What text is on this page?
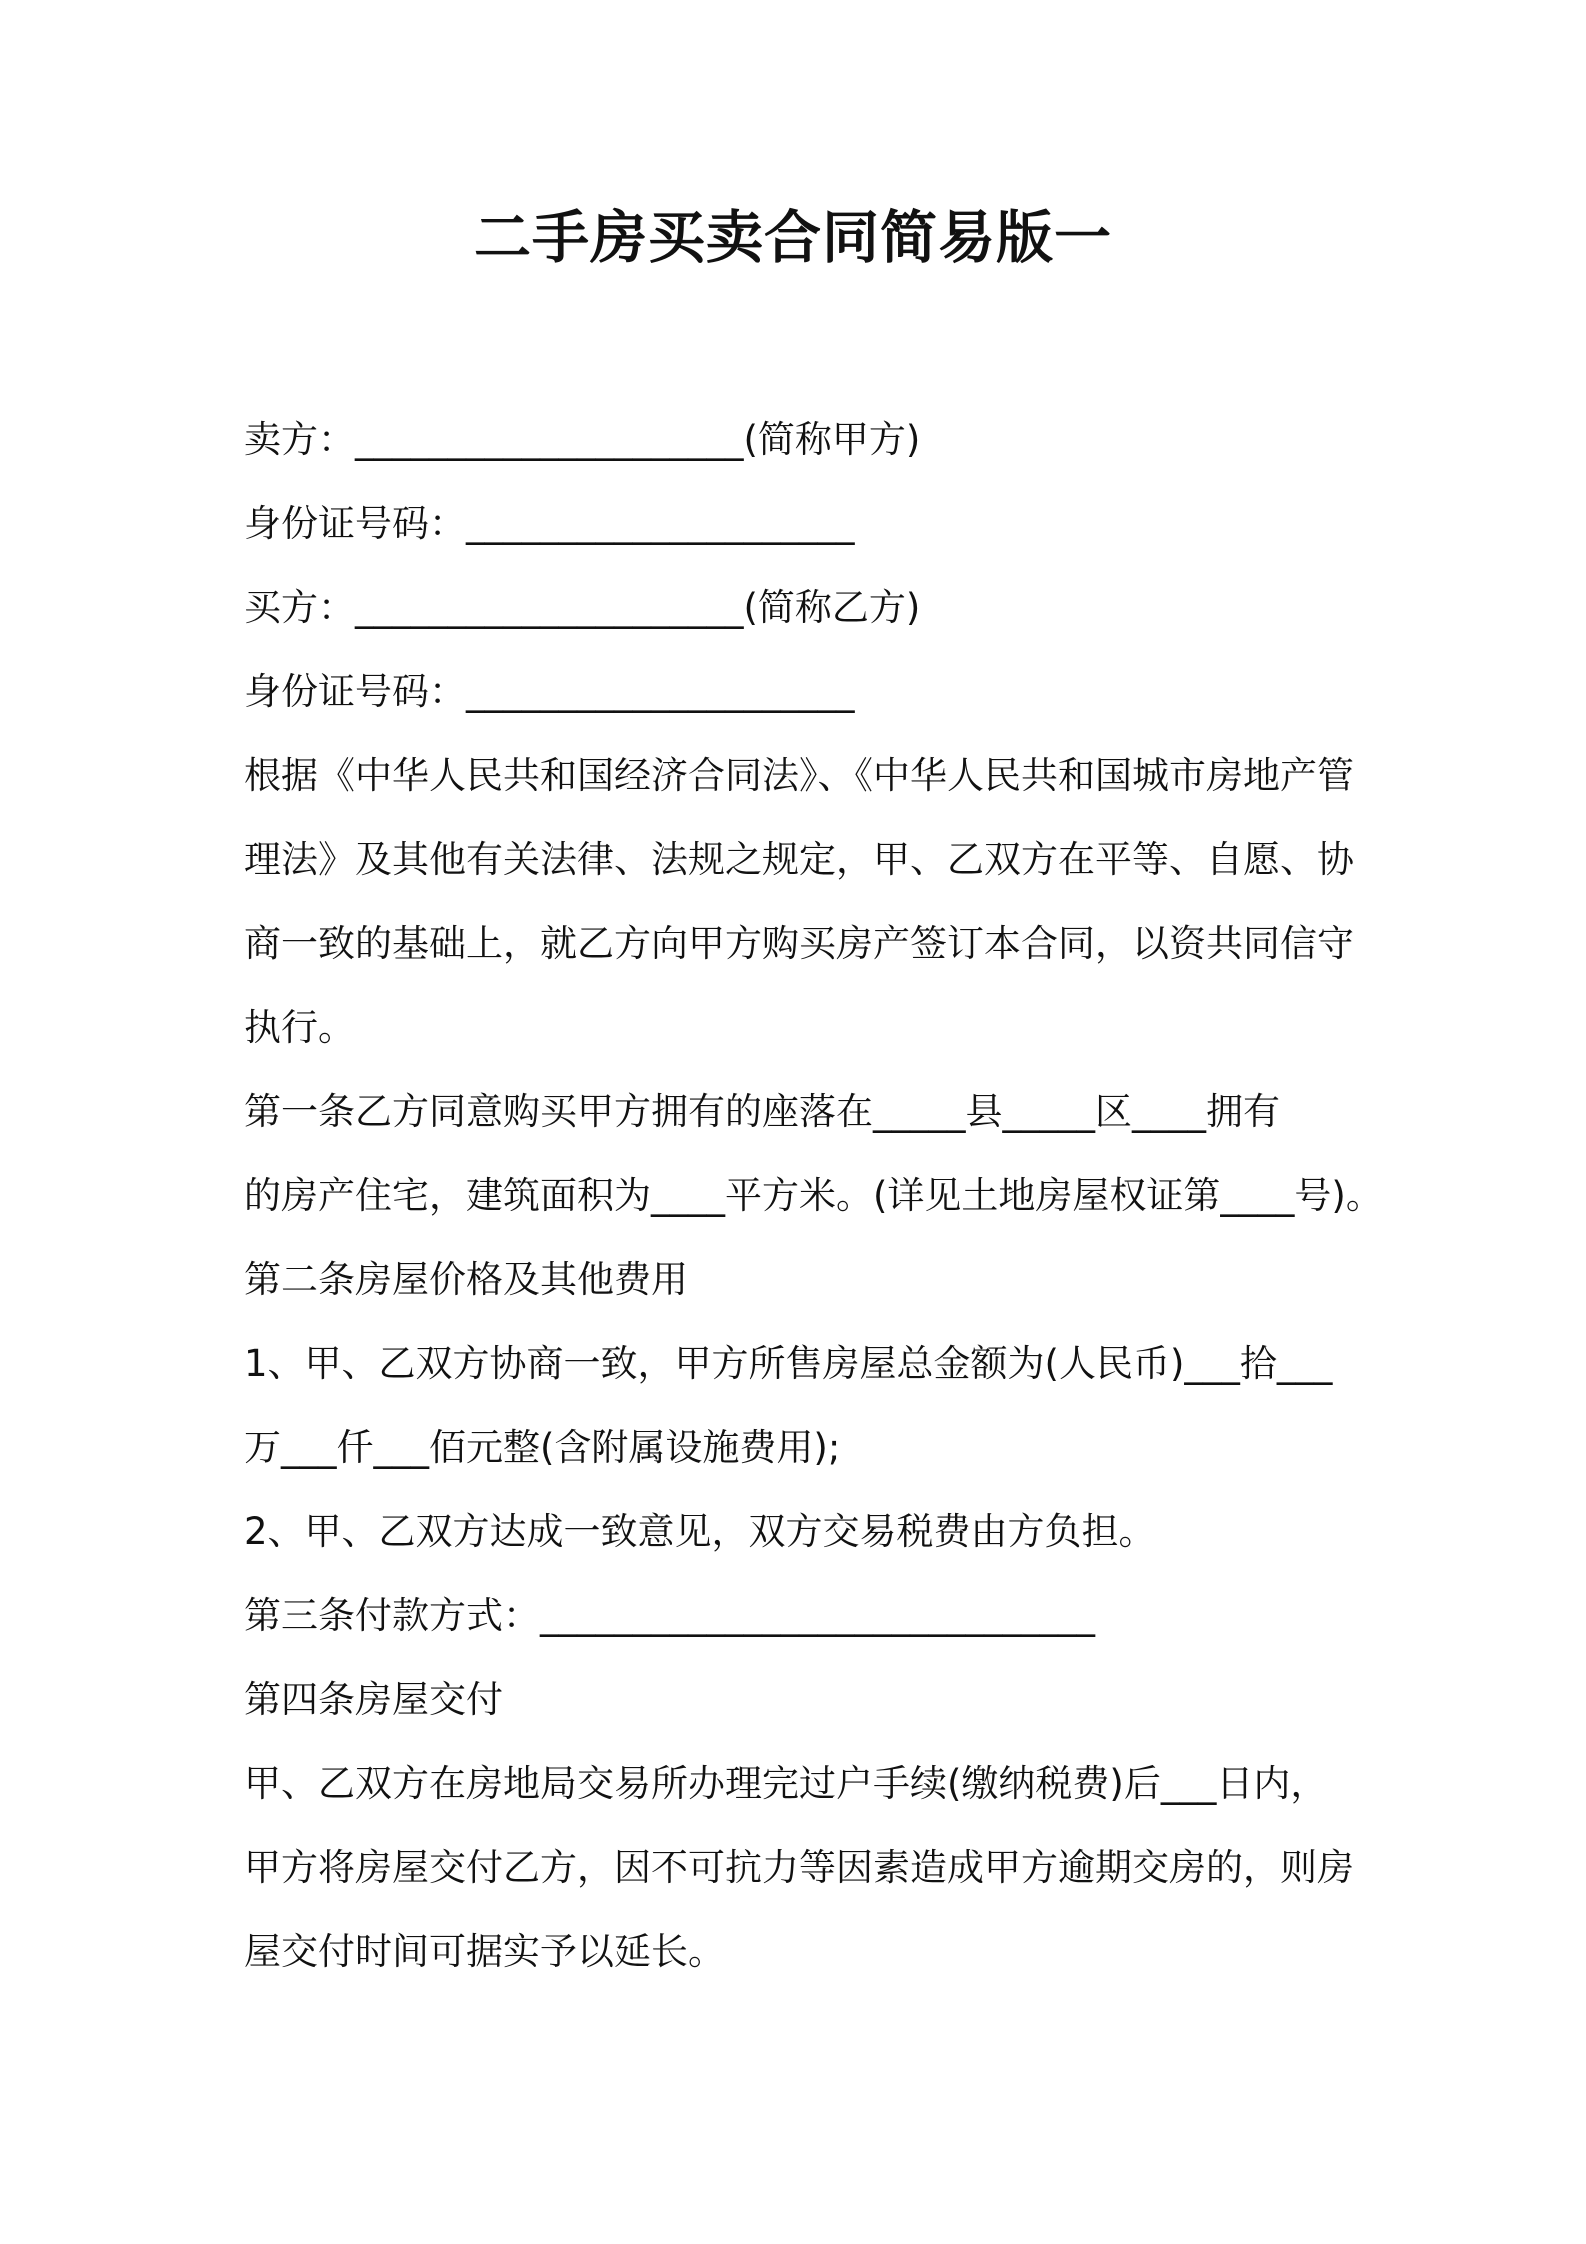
二手房买卖合同简易版一
卖方：_____________________(简称甲方)
身份证号码：_____________________
买方：_____________________(简称乙方)
身份证号码：_____________________
根据《中华人民共和国经济合同法》、《中华人民共和国城市房地产管
理法》及其他有关法律、法规之规定，甲、乙双方在平等、自愿、协
商一致的基础上，就乙方向甲方购买房产签订本合同，以资共同信守
执行。
第一条乙方同意购买甲方拥有的座落在_____县_____区____拥有
的房产住宅，建筑面积为____平方米。(详见土地房屋权证第____号)。
第二条房屋价格及其他费用
1、甲、乙双方协商一致，甲方所售房屋总金额为(人民币)___拾___
万___仟___佰元整(含附属设施费用);
2、甲、乙双方达成一致意见，双方交易税费由方负担。
第三条付款方式：______________________________
第四条房屋交付
甲、乙双方在房地局交易所办理完过户手续(缴纳税费)后___日内，
甲方将房屋交付乙方，因不可抗力等因素造成甲方逾期交房的，则房
屋交付时间可据实予以延长。
